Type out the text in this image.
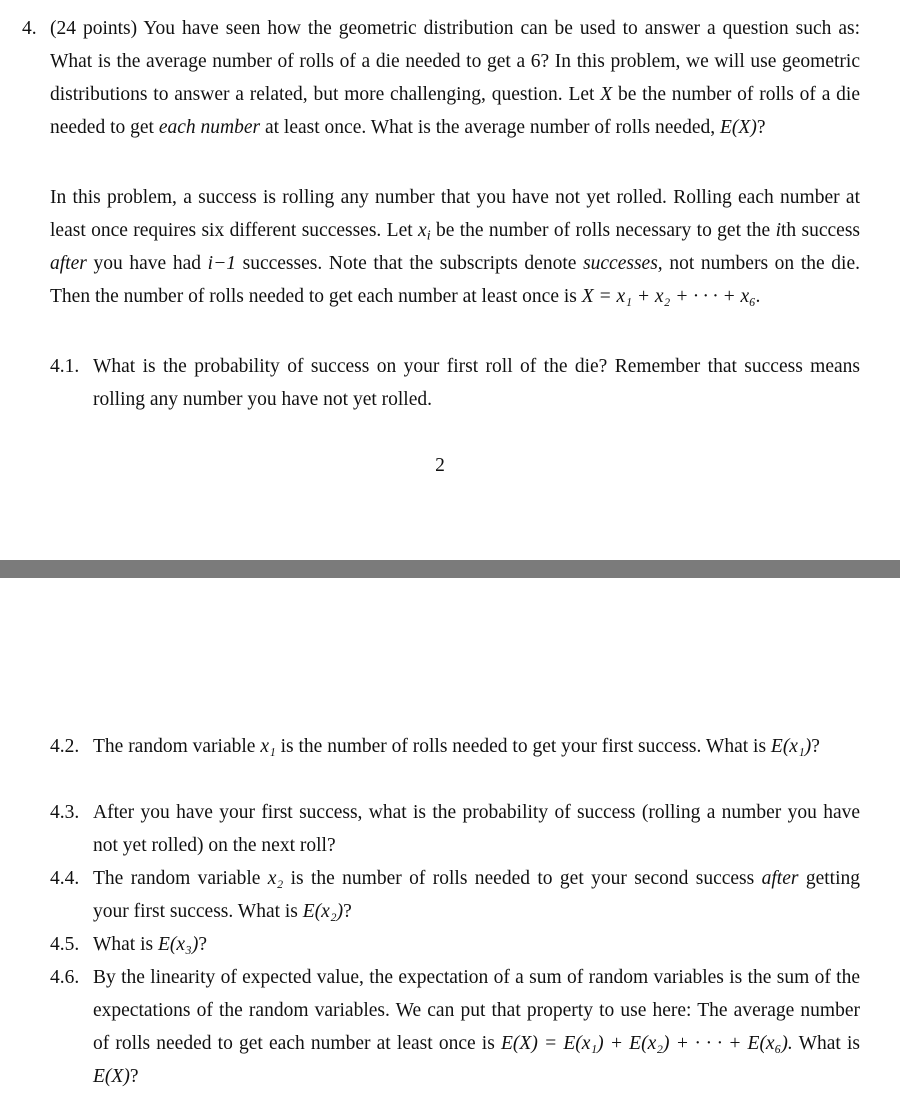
4. (24 points) You have seen how the geometric distribution can be used to answer a question such as: What is the average number of rolls of a die needed to get a 6? In this problem, we will use geometric distributions to answer a related, but more challenging, question. Let X be the number of rolls of a die needed to get each number at least once. What is the average number of rolls needed, E(X)?
In this problem, a success is rolling any number that you have not yet rolled. Rolling each number at least once requires six different successes. Let $x_i$ be the number of rolls necessary to get the ith success after you have had i−1 successes. Note that the subscripts denote successes, not numbers on the die. Then the number of rolls needed to get each number at least once is X = x₁ + x₂ + · · · + x₆.
4.1. What is the probability of success on your first roll of the die? Remember that success means rolling any number you have not yet rolled.
2
4.2. The random variable x₁ is the number of rolls needed to get your first success. What is E(x₁)?
4.3. After you have your first success, what is the probability of success (rolling a number you have not yet rolled) on the next roll?
4.4. The random variable x₂ is the number of rolls needed to get your second success after getting your first success. What is E(x₂)?
4.5. What is E(x₃)?
4.6. By the linearity of expected value, the expectation of a sum of random variables is the sum of the expectations of the random variables. We can put that property to use here: The average number of rolls needed to get each number at least once is E(X) = E(x₁) + E(x₂) + · · · + E(x₆). What is E(X)?
